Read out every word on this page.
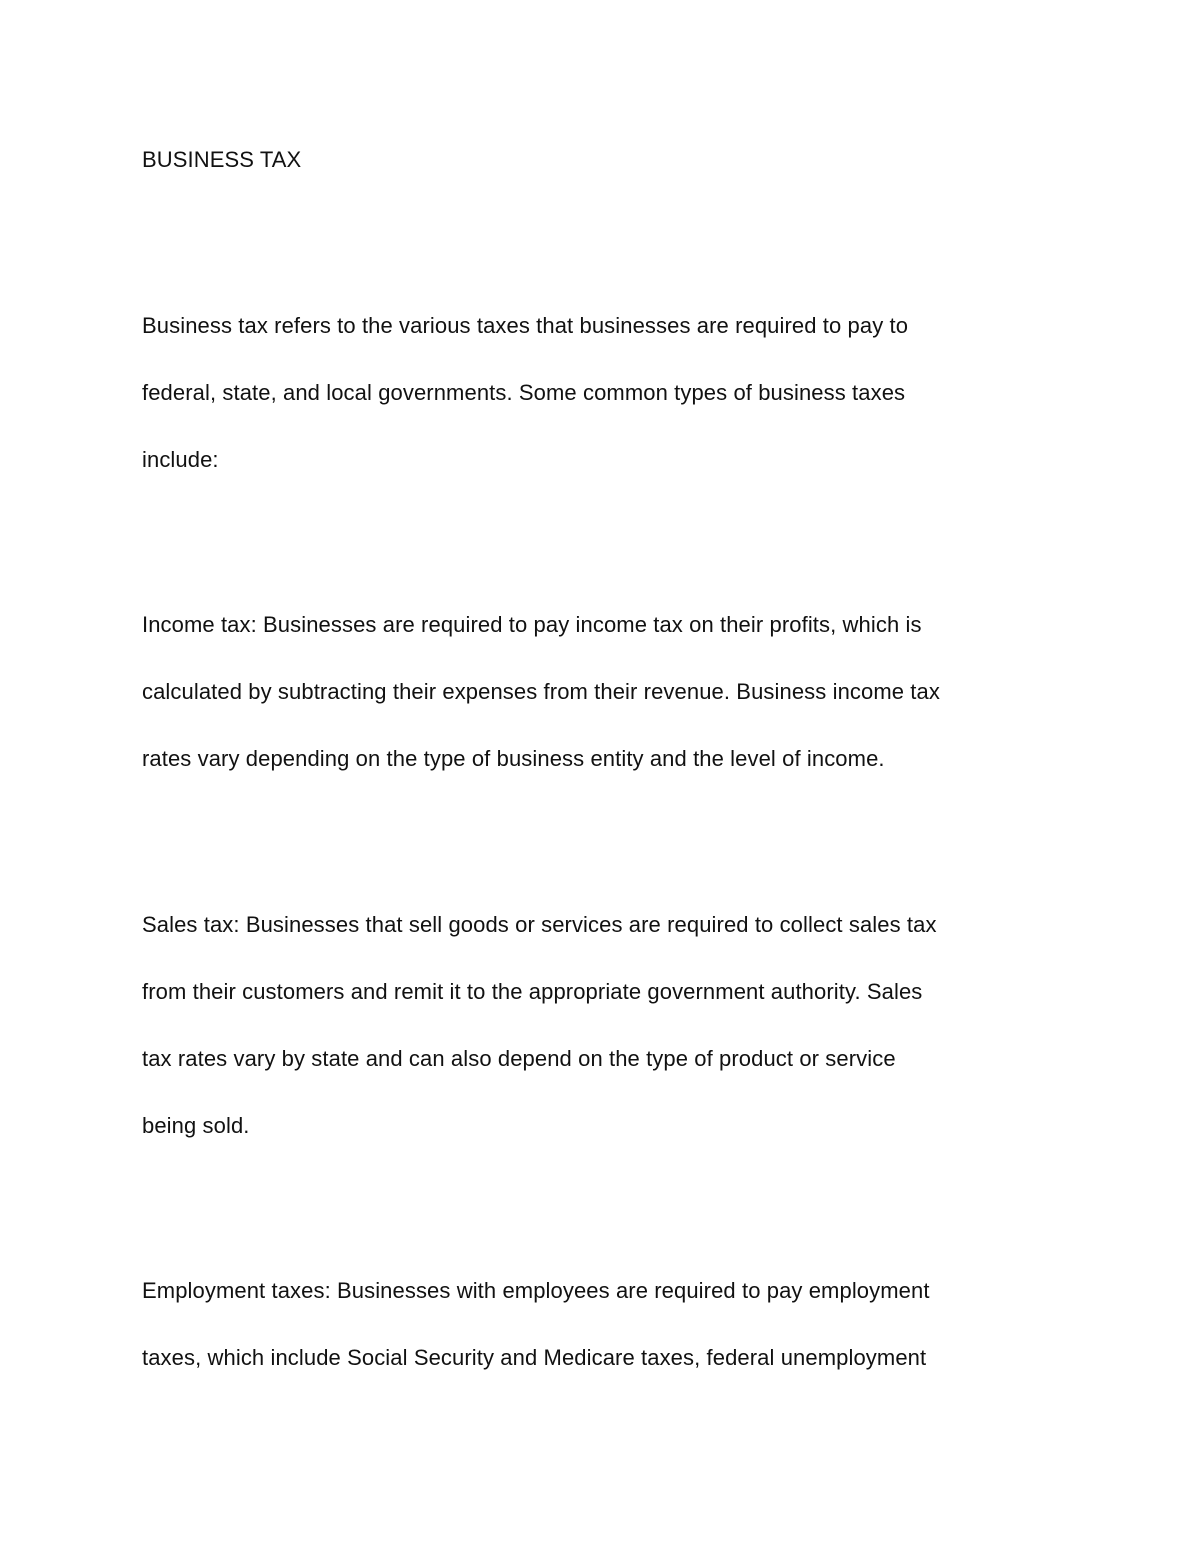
BUSINESS TAX
Business tax refers to the various taxes that businesses are required to pay to
federal, state, and local governments. Some common types of business taxes
include:
Income tax: Businesses are required to pay income tax on their profits, which is
calculated by subtracting their expenses from their revenue. Business income tax
rates vary depending on the type of business entity and the level of income.
Sales tax: Businesses that sell goods or services are required to collect sales tax
from their customers and remit it to the appropriate government authority. Sales
tax rates vary by state and can also depend on the type of product or service
being sold.
Employment taxes: Businesses with employees are required to pay employment
taxes, which include Social Security and Medicare taxes, federal unemployment
